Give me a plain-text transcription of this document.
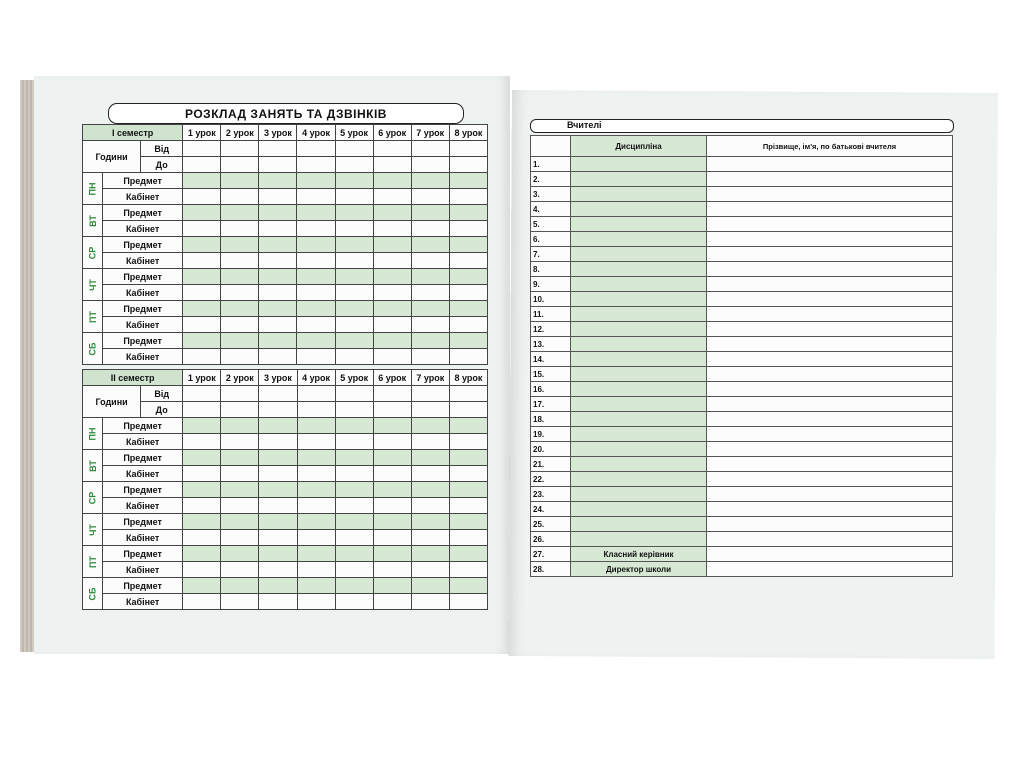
РОЗКЛАД ЗАНЯТЬ ТА ДЗВІНКІВ
I семестр			1 урок	2 урок	3 урок	4 урок	5 урок	6 урок	7 урок	8 урок
Години		Від								
		До								
ПН	Предмет									
	Кабінет									
ВТ	Предмет									
	Кабінет									
СР	Предмет									
	Кабінет									
ЧТ	Предмет									
	Кабінет									
ПТ	Предмет									
	Кабінет									
СБ	Предмет									
	Кабінет									
II семестр			1 урок	2 урок	3 урок	4 урок	5 урок	6 урок	7 урок	8 урок
Години		Від								
		До								
ПН	Предмет									
	Кабінет									
ВТ	Предмет									
	Кабінет									
СР	Предмет									
	Кабінет									
ЧТ	Предмет									
	Кабінет									
ПТ	Предмет									
	Кабінет									
СБ	Предмет									
	Кабінет									
Вчителі
	Дисципліна	Прізвище, ім'я, по батькові вчителя
1.		
2.		
3.		
4.		
5.		
6.		
7.		
8.		
9.		
10.		
11.		
12.		
13.		
14.		
15.		
16.		
17.		
18.		
19.		
20.		
21.		
22.		
23.		
24.		
25.		
26.		
27.	Класний керівник	
28.	Директор школи	
